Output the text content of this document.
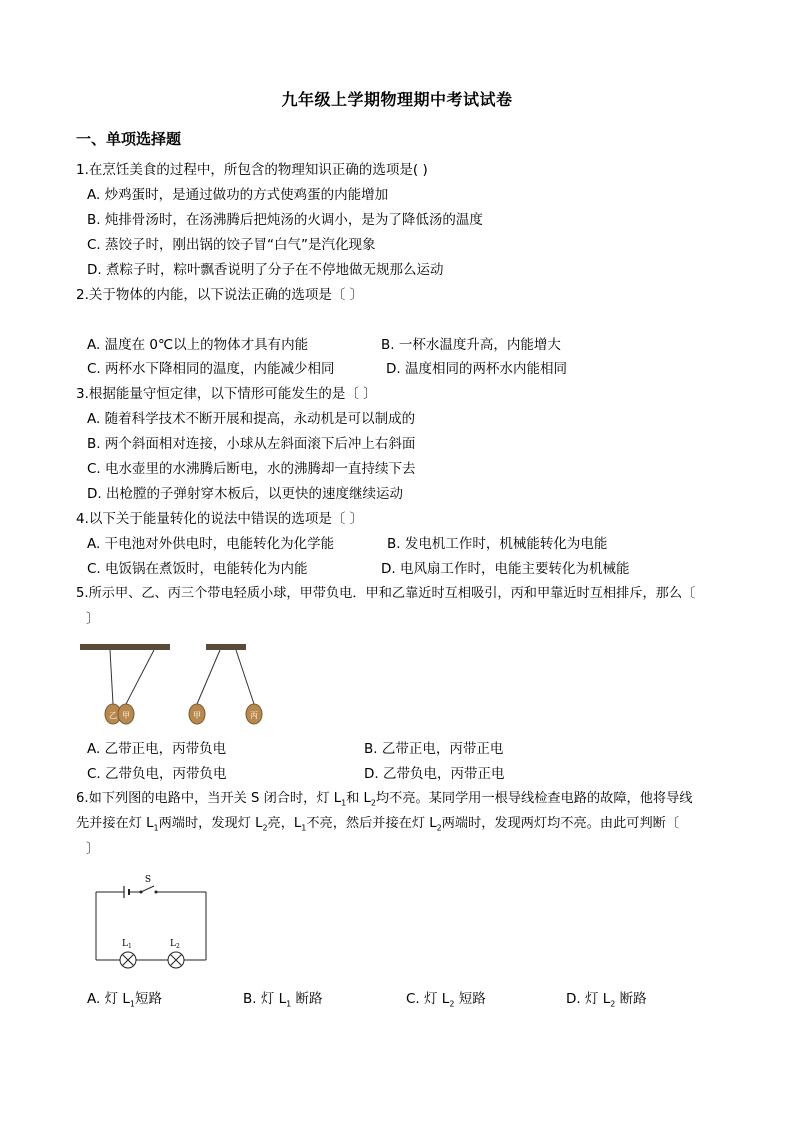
九年级上学期物理期中考试试卷
一、单项选择题
1.在烹饪美食的过程中，所包含的物理知识正确的选项是( )
A. 炒鸡蛋时，是通过做功的方式使鸡蛋的内能增加
B. 炖排骨汤时，在汤沸腾后把炖汤的火调小，是为了降低汤的温度
C. 蒸饺子时，刚出锅的饺子冒“白气”是汽化现象
D. 煮粽子时，粽叶飘香说明了分子在不停地做无规那么运动
2.关于物体的内能，以下说法正确的选项是〔 〕
A. 温度在 0℃以上的物体才具有内能	B. 一杯水温度升高，内能增大
C. 两杯水下降相同的温度，内能减少相同	D. 温度相同的两杯水内能相同
3.根据能量守恒定律，以下情形可能发生的是〔 〕
A. 随着科学技术不断开展和提高，永动机是可以制成的
B. 两个斜面相对连接，小球从左斜面滚下后冲上右斜面
C. 电水壶里的水沸腾后断电，水的沸腾却一直持续下去
D. 出枪膛的子弹射穿木板后，以更快的速度继续运动
4.以下关于能量转化的说法中错误的选项是〔 〕
A. 干电池对外供电时，电能转化为化学能	B. 发电机工作时，机械能转化为电能
C. 电饭锅在煮饭时，电能转化为内能	D. 电风扇工作时，电能主要转化为机械能
5.所示甲、乙、丙三个带电轻质小球，甲带负电．甲和乙靠近时互相吸引，丙和甲靠近时互相排斥，那么〔
〕
乙 甲	甲	丙
A. 乙带正电，丙带负电	B. 乙带正电，丙带正电
C. 乙带负电，丙带负电	D. 乙带负电，丙带正电
6.如下列图的电路中，当开关 S 闭合时，灯 $L_1$和 $L_2$均不亮。某同学用一根导线检查电路的故障，他将导线
先并接在灯 $L_1$两端时，发现灯 $L_2$亮，$L_1$不亮，然后并接在灯 $L_2$两端时，发现两灯均不亮。由此可判断〔
〕
S
L 1	L 2
A. 灯 $L_1$短路	B. 灯 $L_1$ 断路	C. 灯 $L_2$ 短路	D. 灯 $L_2$ 断路
